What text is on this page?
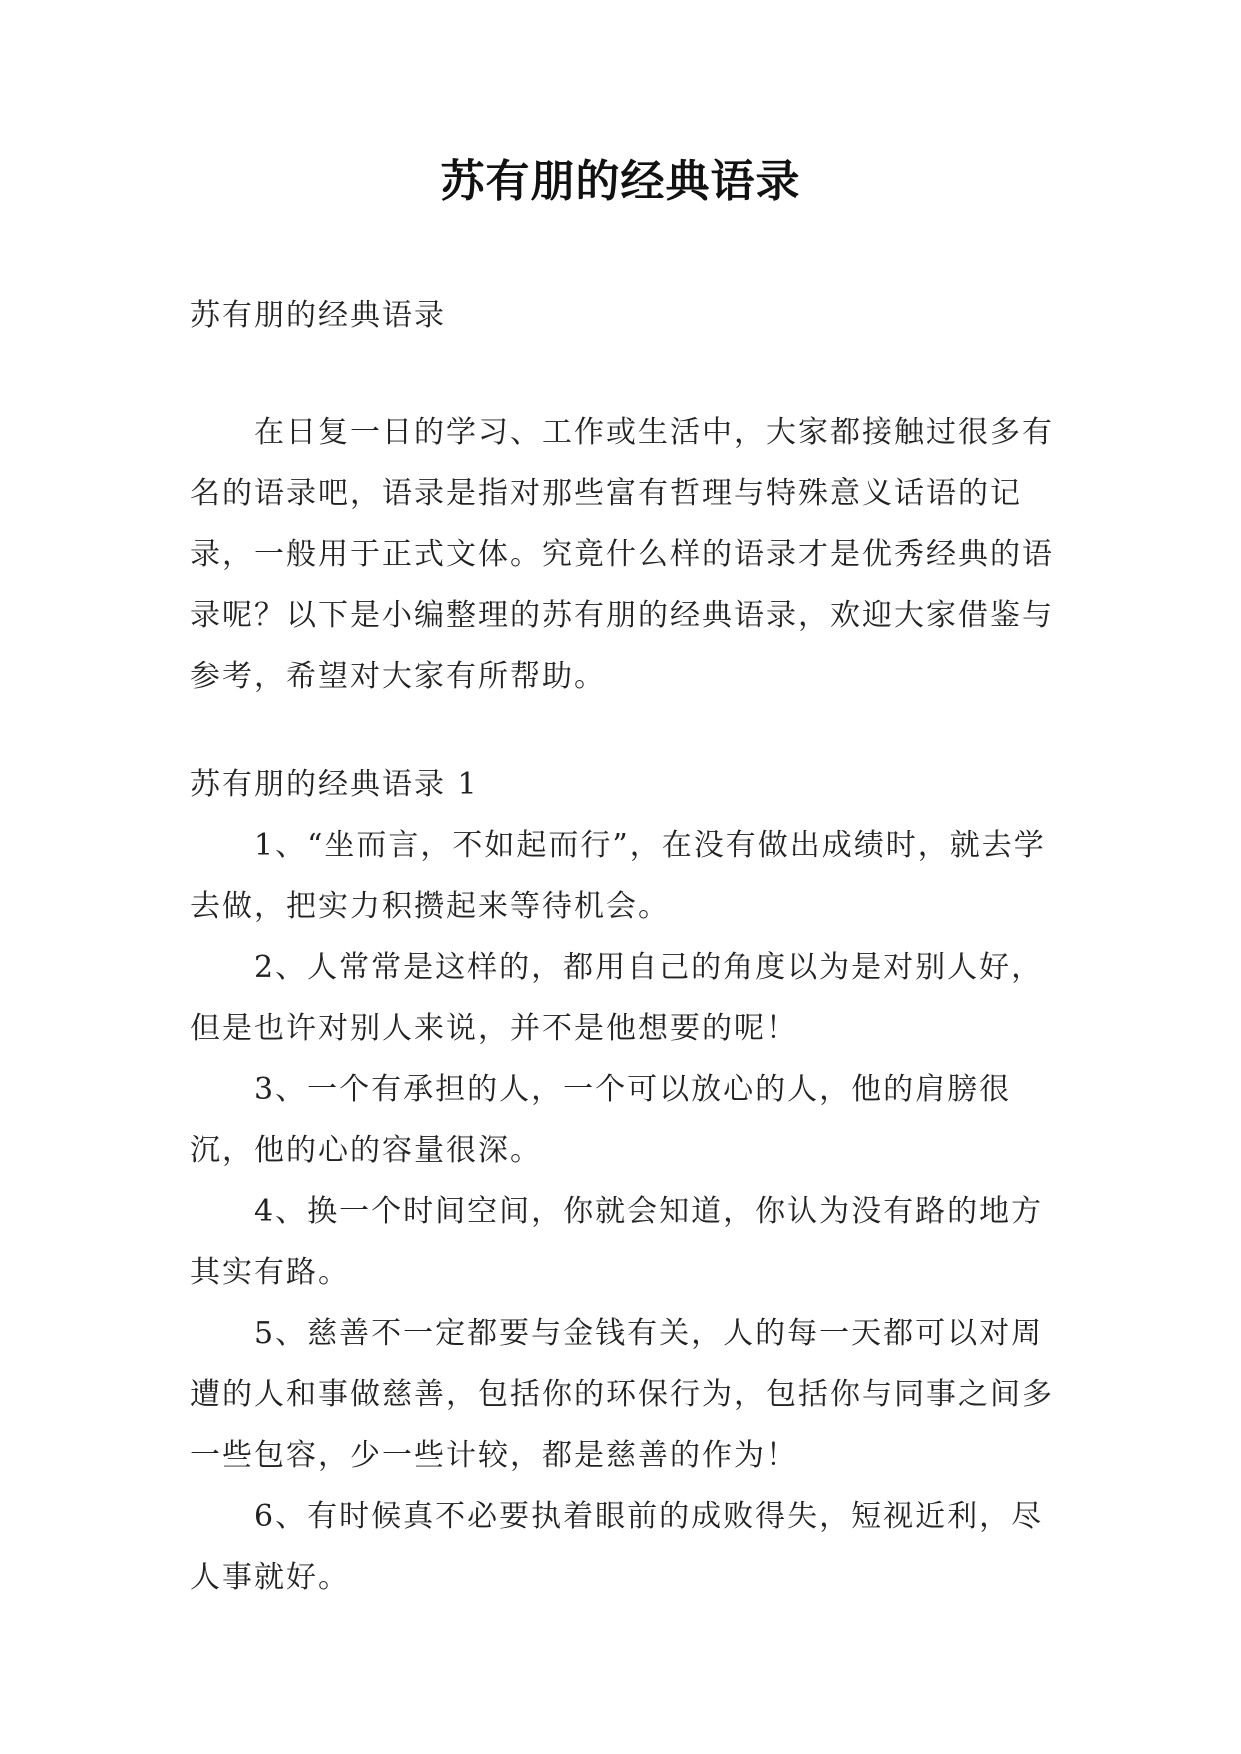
苏有朋的经典语录

苏有朋的经典语录

在日复一日的学习、工作或生活中，大家都接触过很多有名的语录吧，语录是指对那些富有哲理与特殊意义话语的记录，一般用于正式文体。究竟什么样的语录才是优秀经典的语录呢？以下是小编整理的苏有朋的经典语录，欢迎大家借鉴与参考，希望对大家有所帮助。

苏有朋的经典语录 1

1、“坐而言，不如起而行”，在没有做出成绩时，就去学去做，把实力积攒起来等待机会。

2、人常常是这样的，都用自己的角度以为是对别人好，但是也许对别人来说，并不是他想要的呢！

3、一个有承担的人，一个可以放心的人，他的肩膀很沉，他的心的容量很深。

4、换一个时间空间，你就会知道，你认为没有路的地方其实有路。

5、慈善不一定都要与金钱有关，人的每一天都可以对周遭的人和事做慈善，包括你的环保行为，包括你与同事之间多一些包容，少一些计较，都是慈善的作为！

6、有时候真不必要执着眼前的成败得失，短视近利，尽人事就好。
